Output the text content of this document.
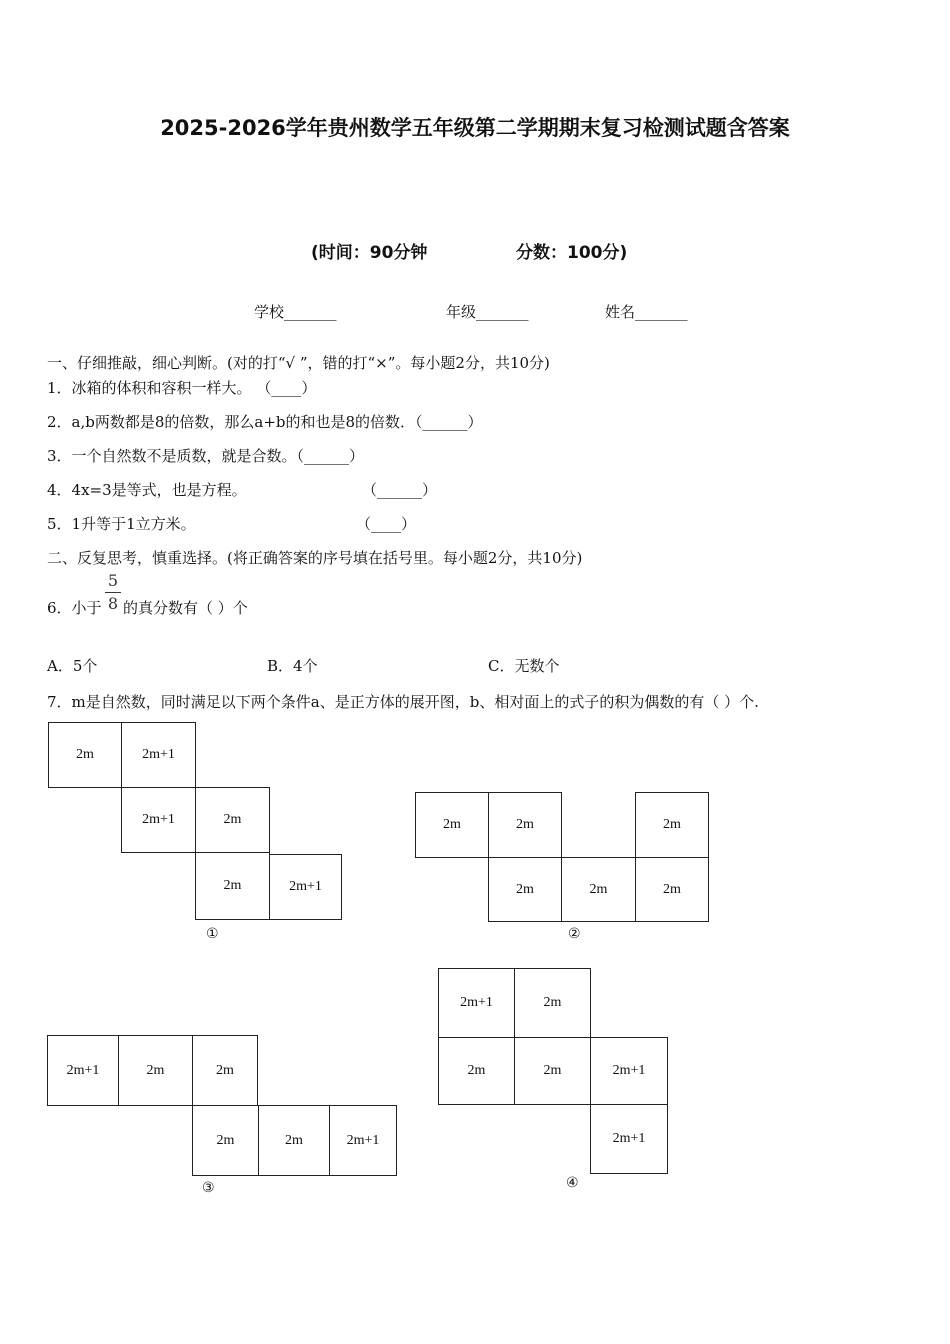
2025-2026学年贵州数学五年级第二学期期末复习检测试题含答案
(时间：90分钟	分数：100分)
学校_______	年级_______	姓名_______
一、仔细推敲，细心判断。(对的打“√ ”，错的打“×”。每小题2分，共10分)
1．冰箱的体积和容积一样大。 （____）
2．a,b两数都是8的倍数，那么a+b的和也是8的倍数．（______）
3．一个自然数不是质数，就是合数。（______）
4．4x=3是等式，也是方程。	（______）
5．1升等于1立方米。	（____）
二、反复思考，慎重选择。(将正确答案的序号填在括号里。每小题2分，共10分)
6．小于
5
8 的真分数有（ ）个
A．5个	B．4个	C．无数个
7．m是自然数，同时满足以下两个条件a、是正方体的展开图，b、相对面上的式子的积为偶数的有（ ）个.
2m	2m+1
2m+1	2m
2m	2m+1
①
2m	2m	2m
2m	2m	2m
②
2m+1	2m	2m
2m	2m	2m+1
③
2m+1	2m
2m	2m	2m+1
2m+1
④
